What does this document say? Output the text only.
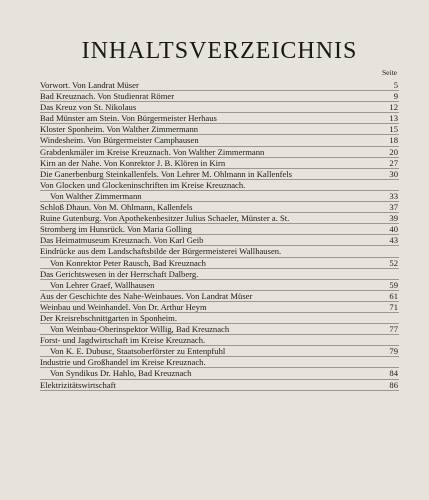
INHALTSVERZEICHNIS
Seite
Vorwort. Von Landrat Müser	5
Bad Kreuznach. Von Studienrat Römer	9
Das Kreuz von St. Nikolaus	12
Bad Münster am Stein. Von Bürgermeister Herhaus	13
Kloster Sponheim. Von Walther Zimmermann	15
Windesheim. Von Bürgermeister Camphausen	18
Grabdenkmäler im Kreise Kreuznach. Von Walther Zimmermann	20
Kirn an der Nahe. Von Konrektor J. B. Klören in Kirn	27
Die Ganerbenburg Steinkallenfels. Von Lehrer M. Ohlmann in Kallenfels	30
Von Glocken und Glockeninschriften im Kreise Kreuznach.
Von Walther Zimmermann	33
Schloß Dhaun. Von M. Ohlmann, Kallenfels	37
Ruine Gutenburg. Von Apothekenbesitzer Julius Schaeler, Münster a. St.	39
Stromberg im Hunsrück. Von Maria Golling	40
Das Heimatmuseum Kreuznach. Von Karl Geib	43
Eindrücke aus dem Landschaftsbilde der Bürgermeisterei Wallhausen.
Von Konrektor Peter Rausch, Bad Kreuznach	52
Das Gerichtswesen in der Herrschaft Dalberg.
Von Lehrer Graef, Wallhausen	59
Aus der Geschichte des Nahe-Weinbaues. Von Landrat Müser	61
Weinbau und Weinhandel. Von Dr. Arthur Heym	71
Der Kreisrebschnittgarten in Sponheim.
Von Weinbau-Oberinspektor Willig, Bad Kreuznach	77
Forst- und Jagdwirtschaft im Kreise Kreuznach.
Von K. E. Dubusc, Staatsoberförster zu Entenpfuhl	79
Industrie und Großhandel im Kreise Kreuznach.
Von Syndikus Dr. Hahlo, Bad Kreuznach	84
Elektrizitätswirtschaft	86
